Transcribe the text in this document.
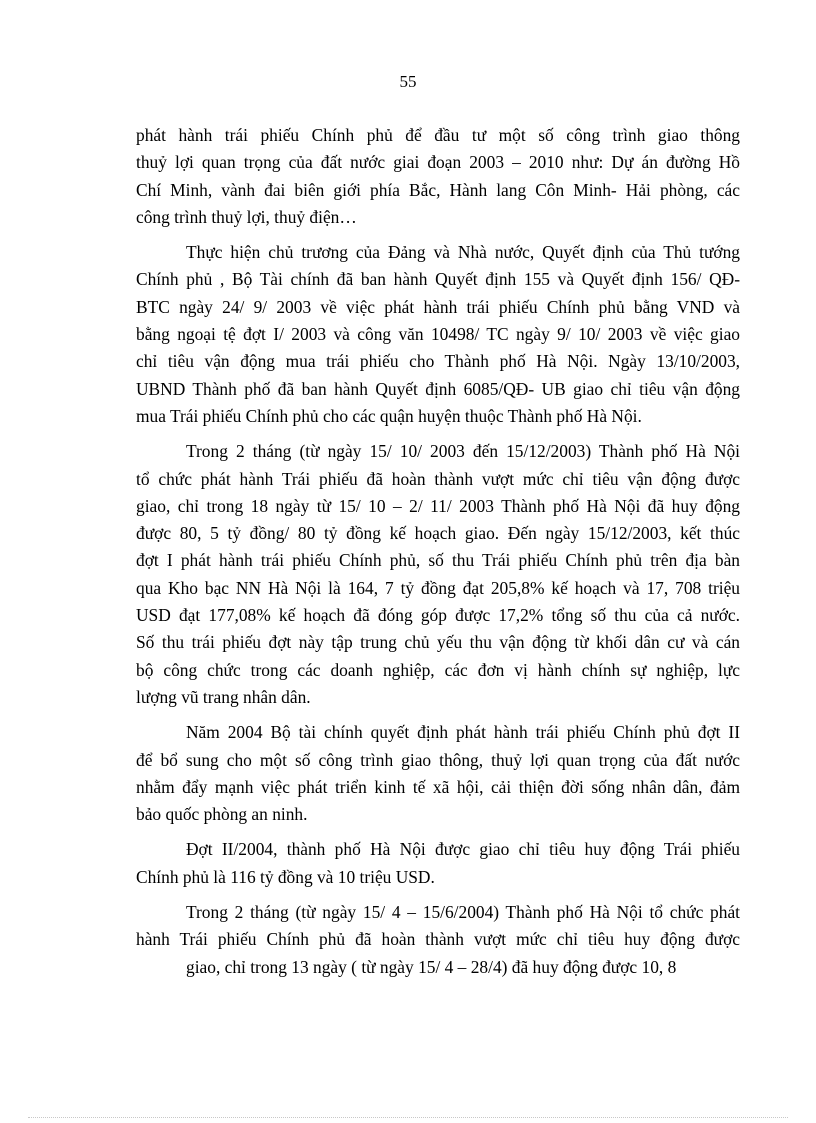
55
phát hành trái phiếu Chính phủ để đầu tư một số công trình giao thông
thuỷ lợi quan trọng của đất nước giai đoạn 2003 – 2010 như: Dự án đường Hồ
Chí Minh, vành đai biên giới phía Bắc, Hành lang Côn Minh- Hải phòng, các
công trình thuỷ lợi, thuỷ điện…
Thực hiện chủ trương của Đảng và Nhà nước, Quyết định của Thủ tướng
Chính phủ , Bộ Tài chính đã ban hành Quyết định 155 và Quyết định 156/ QĐ-
BTC ngày 24/ 9/ 2003 về việc phát hành trái phiếu Chính phủ bằng VND và
bằng ngoại tệ đợt I/ 2003 và công văn 10498/ TC ngày 9/ 10/ 2003 về việc giao
chỉ tiêu vận động mua trái phiếu cho Thành phố Hà Nội. Ngày 13/10/2003,
UBND Thành phố đã ban hành Quyết định 6085/QĐ- UB giao chỉ tiêu vận động
mua Trái phiếu Chính phủ cho các quận huyện thuộc Thành phố Hà Nội.
Trong 2 tháng (từ ngày 15/ 10/ 2003 đến 15/12/2003) Thành phố Hà Nội
tổ chức phát hành Trái phiếu đã hoàn thành vượt mức chỉ tiêu vận động được
giao, chỉ trong 18 ngày từ 15/ 10 – 2/ 11/ 2003 Thành phố Hà Nội đã huy động
được 80, 5 tỷ đồng/ 80 tỷ đồng kế hoạch giao. Đến ngày 15/12/2003, kết thúc
đợt I phát hành trái phiếu Chính phủ, số thu Trái phiếu Chính phủ trên địa bàn
qua Kho bạc NN Hà Nội là 164, 7 tỷ đồng đạt 205,8% kế hoạch và 17, 708 triệu
USD đạt 177,08% kế hoạch đã đóng góp được 17,2% tổng số thu của cả nước.
Số thu trái phiếu đợt này tập trung chủ yếu thu vận động từ khối dân cư và cán
bộ công chức trong các doanh nghiệp, các đơn vị hành chính sự nghiệp, lực
lượng vũ trang nhân dân.
Năm 2004 Bộ tài chính quyết định phát hành trái phiếu Chính phủ đợt II
để bổ sung cho một số công trình giao thông, thuỷ lợi quan trọng của đất nước
nhằm đẩy mạnh việc phát triển kinh tế xã hội, cải thiện đời sống nhân dân, đảm
bảo quốc phòng an ninh.
Đợt II/2004, thành phố Hà Nội được giao chỉ tiêu huy động Trái phiếu
Chính phủ là 116 tỷ đồng và 10 triệu USD.
Trong 2 tháng (từ ngày 15/ 4 – 15/6/2004) Thành phố Hà Nội tổ chức phát
hành Trái phiếu Chính phủ đã hoàn thành vượt mức chỉ tiêu huy động được
giao, chỉ trong 13 ngày ( từ ngày 15/ 4 – 28/4) đã huy động được 10, 8
